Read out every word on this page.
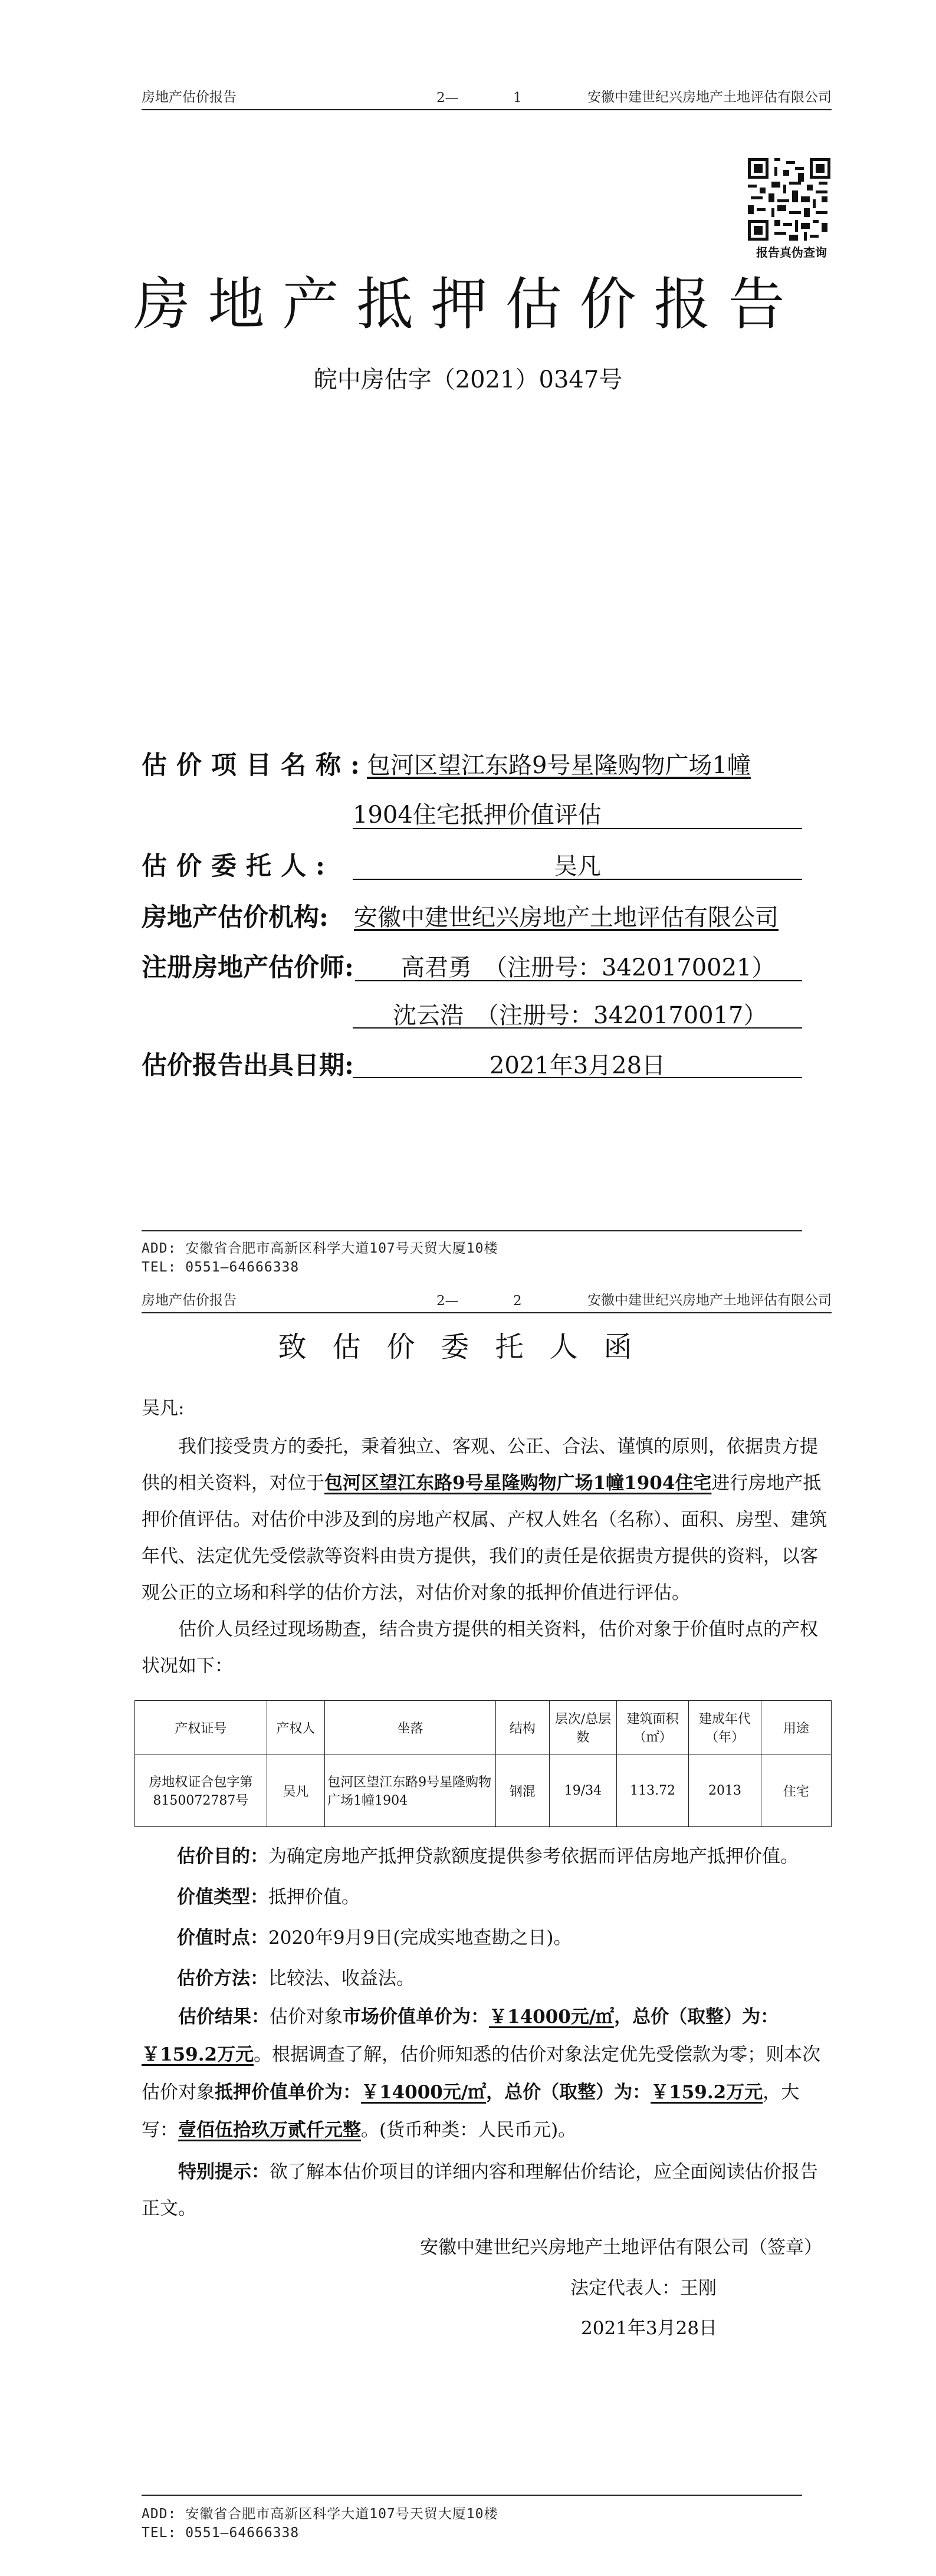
房地产估价报告	2—	1	安徽中建世纪兴房地产土地评估有限公司
报告真伪查询
房地产抵押估价报告
皖中房估字（2021）0347号
估价项目名称:
包河区望江东路9号星隆购物广场1幢
1904住宅抵押价值评估
估价委托人:	吴凡
房地产估价机构: 安徽中建世纪兴房地产土地评估有限公司
注册房地产估价师: 高君勇　（注册号：3420170021）
沈云浩　（注册号：3420170017）
估价报告出具日期:	2021年3月28日
ADD: 安徽省合肥市高新区科学大道107号天贸大厦10楼
TEL: 0551—64666338
房地产估价报告	2—	2	安徽中建世纪兴房地产土地评估有限公司
致估价委托人函
吴凡:

我们接受贵方的委托，秉着独立、客观、公正、合法、谨慎的原则，依据贵方提供的相关资料，对位于包河区望江东路9号星隆购物广场1幢1904住宅进行房地产抵押价值评估。对估价中涉及到的房地产权属、产权人姓名（名称）、面积、房型、建筑年代、法定优先受偿款等资料由贵方提供，我们的责任是依据贵方提供的资料，以客观公正的立场和科学的估价方法，对估价对象的抵押价值进行评估。

估价人员经过现场勘查，结合贵方提供的相关资料，估价对象于价值时点的产权状况如下：

产权证号	产权人	坐落	结构	层次/总层数	建筑面积（㎡）	建成年代（年）	用途
房地权证合包字第8150072787号	吴凡	包河区望江东路9号星隆购物广场1幢1904	钢混	19/34	113.72	2013	住宅
估价目的：为确定房地产抵押贷款额度提供参考依据而评估房地产抵押价值。
价值类型：抵押价值。
价值时点：2020年9月9日(完成实地查勘之日)。
估价方法：比较法、收益法。

估价结果：估价对象市场价值单价为：￥14000元/㎡，总价（取整）为：￥159.2万元。根据调查了解，估价师知悉的估价对象法定优先受偿款为零；则本次估价对象抵押价值单价为：￥14000元/㎡，总价（取整）为：￥159.2万元，大写：壹佰伍拾玖万贰仟元整。(货币种类：人民币元)。

特别提示：欲了解本估价项目的详细内容和理解估价结论，应全面阅读估价报告正文。

安徽中建世纪兴房地产土地评估有限公司（签章）
法定代表人：王刚
2021年3月28日
ADD: 安徽省合肥市高新区科学大道107号天贸大厦10楼
TEL: 0551—64666338
